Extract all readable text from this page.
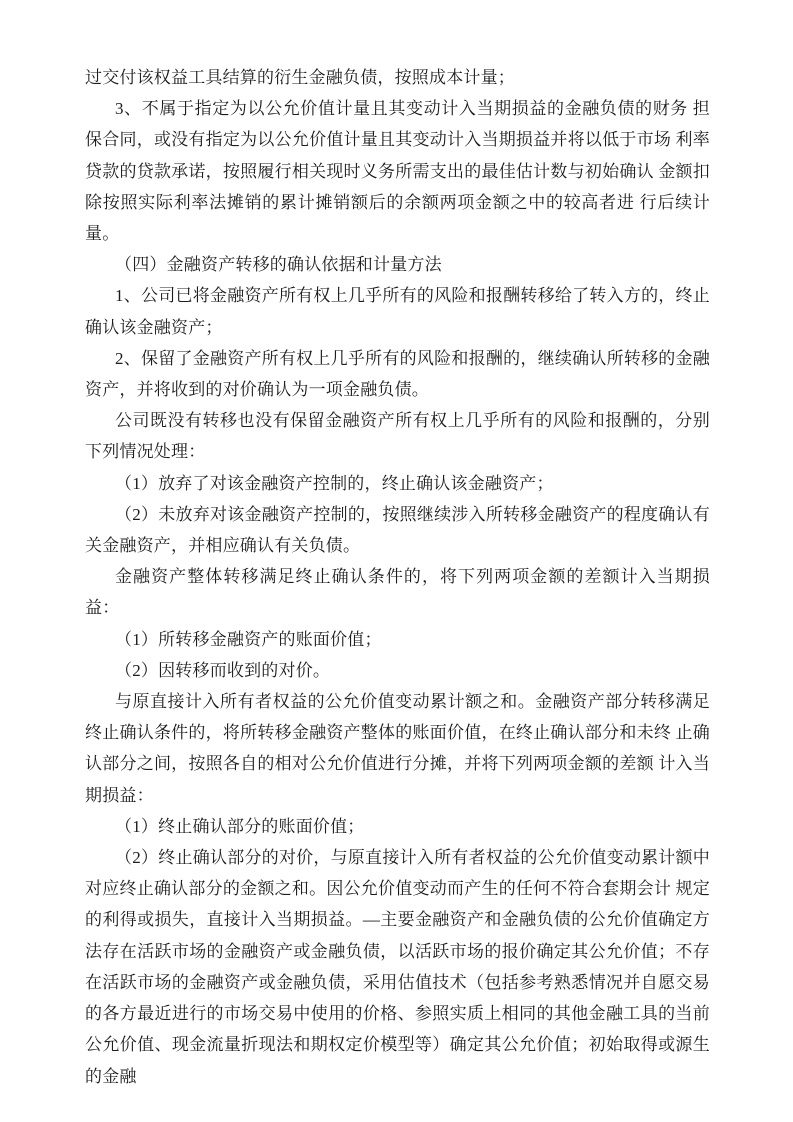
过交付该权益工具结算的衍生金融负债，按照成本计量；

3、不属于指定为以公允价值计量且其变动计入当期损益的金融负债的财务 担保合同，或没有指定为以公允价值计量且其变动计入当期损益并将以低于市场 利率贷款的贷款承诺，按照履行相关现时义务所需支出的最佳估计数与初始确认 金额扣除按照实际利率法摊销的累计摊销额后的余额两项金额之中的较高者进 行后续计量。

（四）金融资产转移的确认依据和计量方法

1、公司已将金融资产所有权上几乎所有的风险和报酬转移给了转入方的，终止确认该金融资产；

2、保留了金融资产所有权上几乎所有的风险和报酬的，继续确认所转移的金融资产，并将收到的对价确认为一项金融负债。

公司既没有转移也没有保留金融资产所有权上几乎所有的风险和报酬的，分别下列情况处理：

（1）放弃了对该金融资产控制的，终止确认该金融资产；

（2）未放弃对该金融资产控制的，按照继续涉入所转移金融资产的程度确认有关金融资产，并相应确认有关负债。

金融资产整体转移满足终止确认条件的，将下列两项金额的差额计入当期损 益：

（1）所转移金融资产的账面价值；

（2）因转移而收到的对价。

与原直接计入所有者权益的公允价值变动累计额之和。金融资产部分转移满足终止确认条件的，将所转移金融资产整体的账面价值，在终止确认部分和未终 止确认部分之间，按照各自的相对公允价值进行分摊，并将下列两项金额的差额 计入当期损益：

（1）终止确认部分的账面价值；

（2）终止确认部分的对价，与原直接计入所有者权益的公允价值变动累计额中对应终止确认部分的金额之和。因公允价值变动而产生的任何不符合套期会计 规定的利得或损失，直接计入当期损益。—主要金融资产和金融负债的公允价值确定方法存在活跃市场的金融资产或金融负债，以活跃市场的报价确定其公允价值；不存在活跃市场的金融资产或金融负债，采用估值技术（包括参考熟悉情况并自愿交易的各方最近进行的市场交易中使用的价格、参照实质上相同的其他金融工具的当前公允价值、现金流量折现法和期权定价模型等）确定其公允价值；初始取得或源生的金融
